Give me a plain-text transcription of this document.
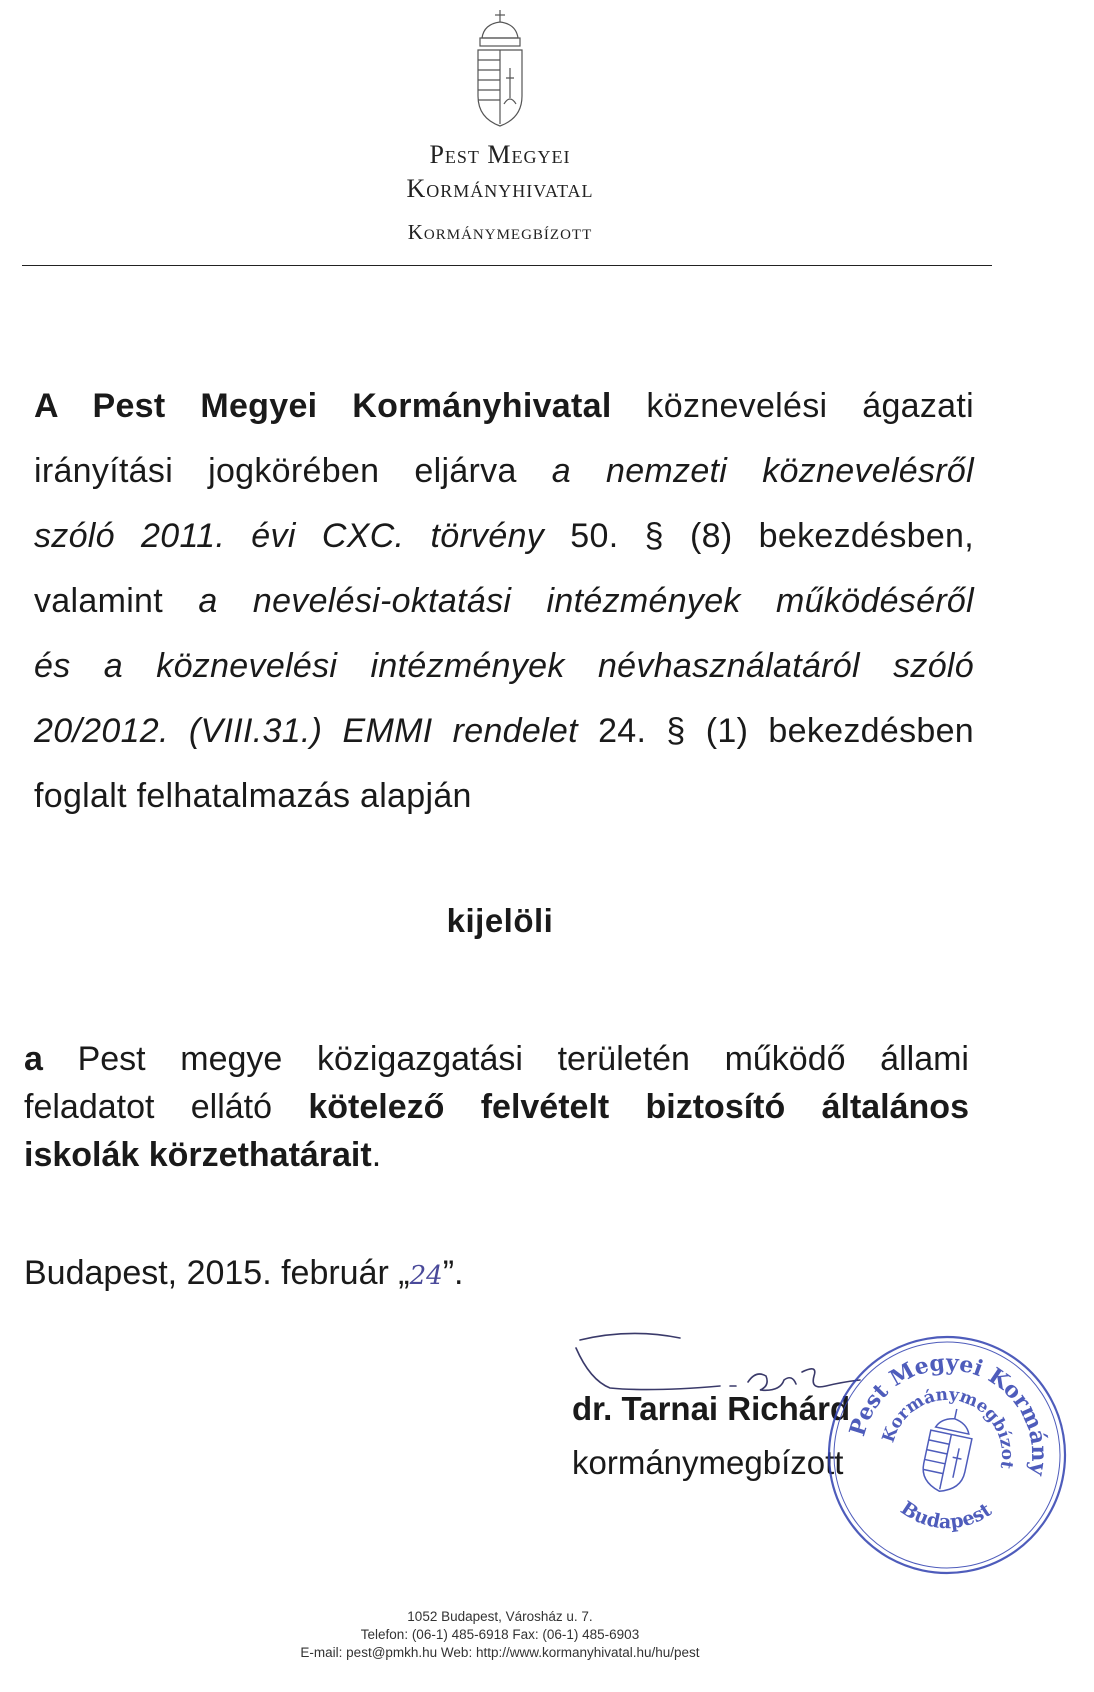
Pest Megyei
Kormányhivatal
Kormánymegbízott
A Pest Megyei Kormányhivatal köznevelési ágazati
irányítási jogkörében eljárva a nemzeti köznevelésről
szóló 2011. évi CXC. törvény 50. § (8) bekezdésben,
valamint a nevelési-oktatási intézmények működéséről
és a köznevelési intézmények névhasználatáról szóló
20/2012. (VIII.31.) EMMI rendelet 24. § (1) bekezdésben
foglalt felhatalmazás alapján
kijelöli
a Pest megye közigazgatási területén működő állami
feladatot ellátó kötelező felvételt biztosító általános
iskolák körzethatárait.
Budapest, 2015. február „24”.
dr. Tarnai Richárd
kormánymegbízott
Pest Megyei Kormányhivatal
Kormánymegbízott
Budapest
1052 Budapest, Városház u. 7.
Telefon: (06-1) 485-6918 Fax: (06-1) 485-6903
E-mail: pest@pmkh.hu Web: http://www.kormanyhivatal.hu/hu/pest
